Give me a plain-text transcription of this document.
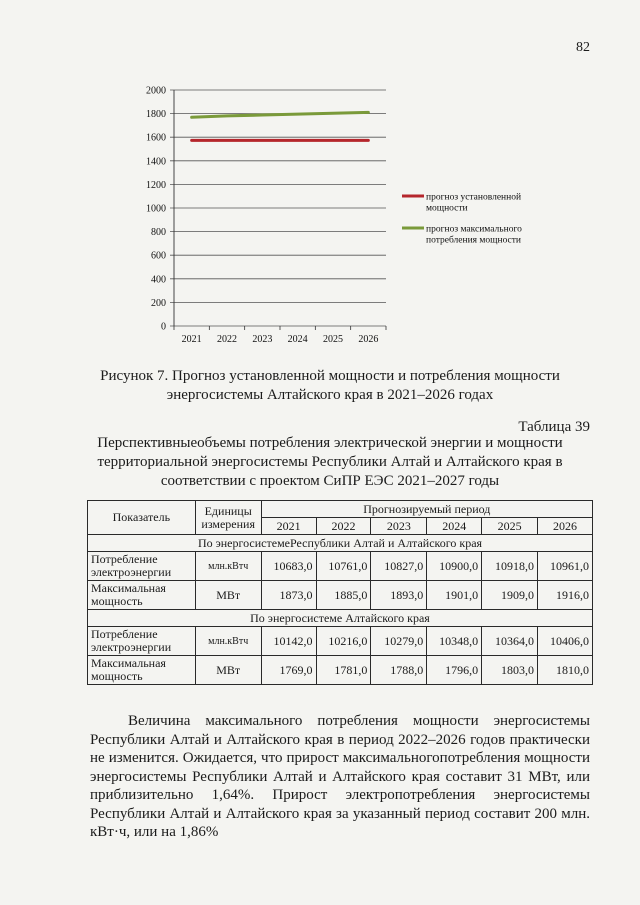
82
0
200
400
600
800
1000
1200
1400
1600
1800
2000
2021 2022 2023 2024 2025 2026
прогноз установленной
мощности
прогноз максимального
потребления мощности
Рисунок 7. Прогноз установленной мощности и потребления мощности
энергосистемы Алтайского края в 2021–2026 годах
Таблица 39
Перспективныеобъемы потребления электрической энергии и мощности
территориальной энергосистемы Республики Алтай и Алтайского края в
соответствии с проектом СиПР ЕЭС 2021–2027 годы
Показатель	Единицы измерения	Прогнозируемый период					
		2021	2022	2023	2024	2025	2026
По энергосистемеРеспублики Алтай и Алтайского края							
Потребление электроэнергии	млн.кВтч	10683,0	10761,0	10827,0	10900,0	10918,0	10961,0
Максимальная мощность	МВт	1873,0	1885,0	1893,0	1901,0	1909,0	1916,0
По энергосистеме Алтайского края							
Потребление электроэнергии	млн.кВтч	10142,0	10216,0	10279,0	10348,0	10364,0	10406,0
Максимальная мощность	МВт	1769,0	1781,0	1788,0	1796,0	1803,0	1810,0

Величина максимального потребления мощности энергосистемы Республики Алтай и Алтайского края в период 2022–2026 годов практически не изменится. Ожидается, что прирост максимальногопотребления мощности энергосистемы Республики Алтай и Алтайского края составит 31 МВт, или приблизительно 1,64%. Прирост электропотребления энергосистемы Республики Алтай и Алтайского края за указанный период составит 200 млн. кВт·ч, или на 1,86%
